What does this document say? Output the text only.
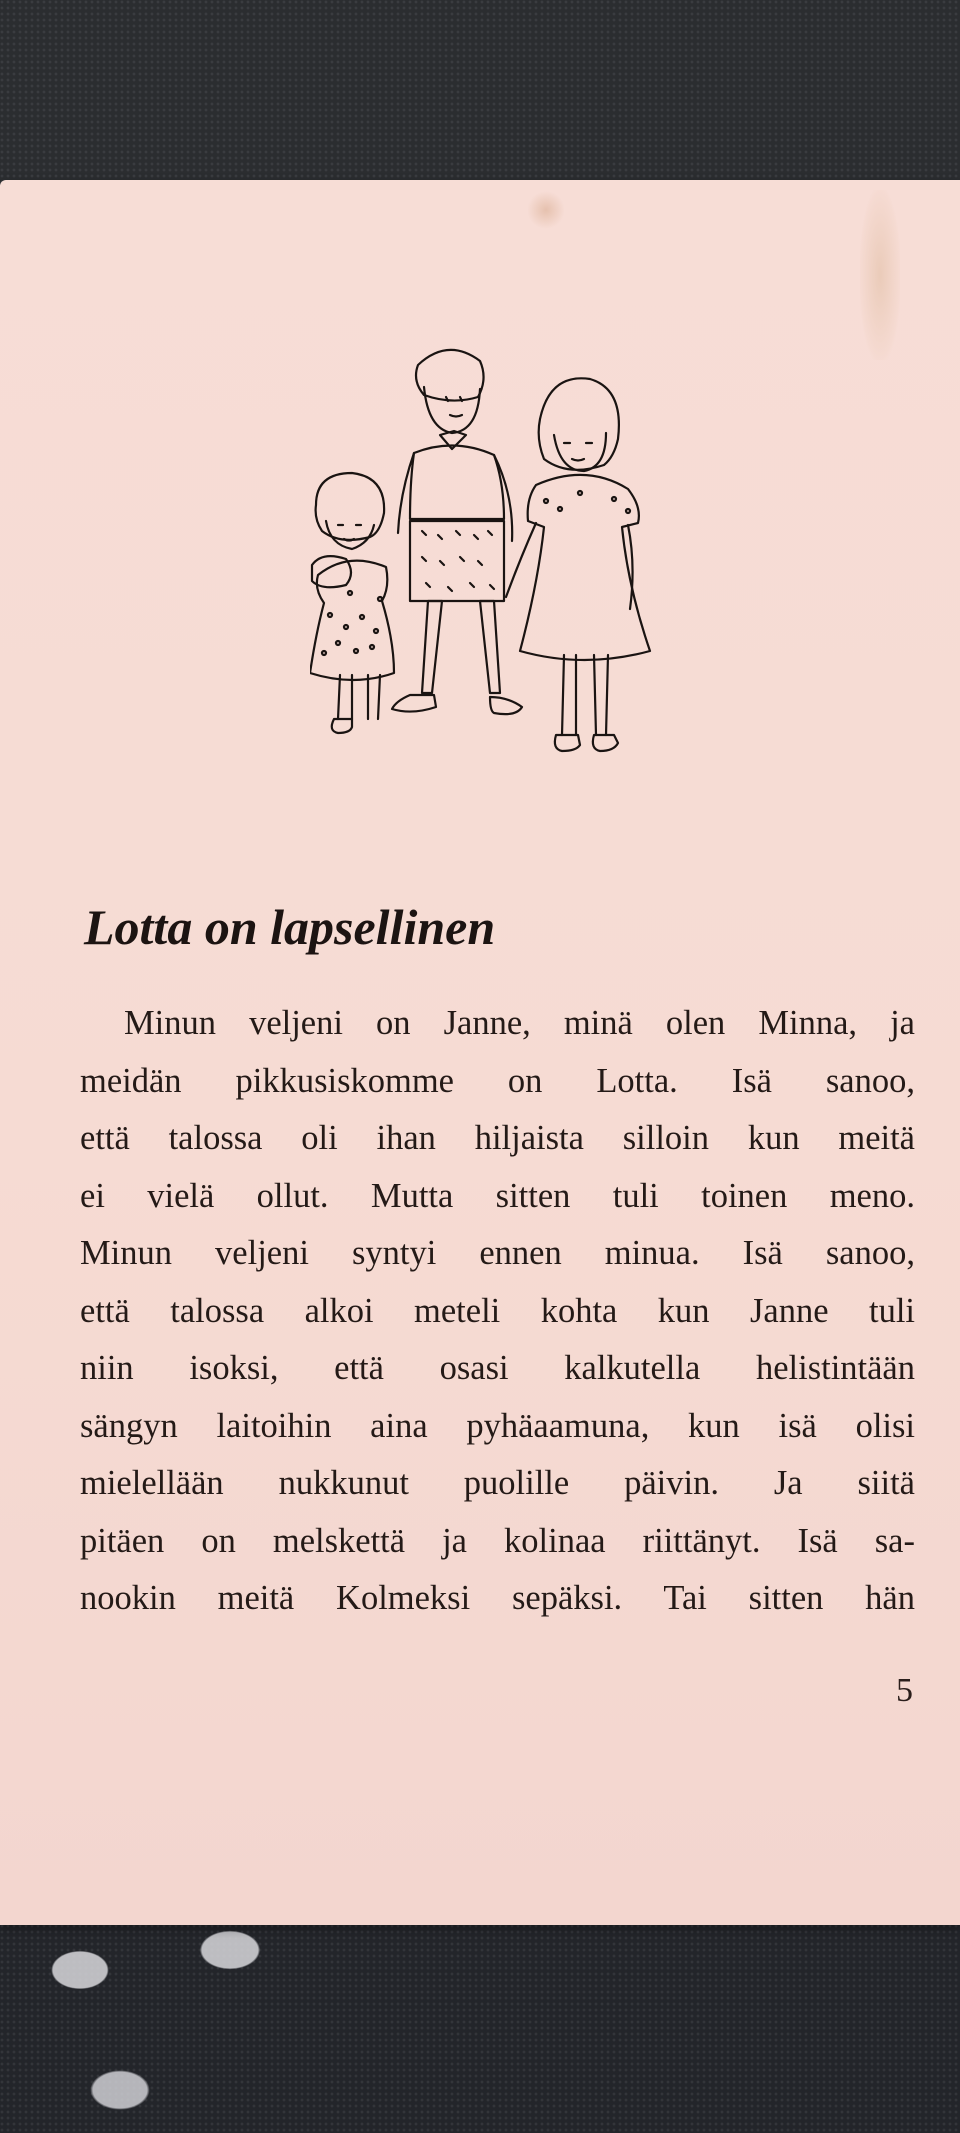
Lotta on lapsellinen
Minun veljeni on Janne, minä olen Minna, ja
meidän pikkusiskomme on Lotta. Isä sanoo,
että talossa oli ihan hiljaista silloin kun meitä
ei vielä ollut. Mutta sitten tuli toinen meno.
Minun veljeni syntyi ennen minua. Isä sanoo,
että talossa alkoi meteli kohta kun Janne tuli
niin isoksi, että osasi kalkutella helistintään
sängyn laitoihin aina pyhäaamuna, kun isä olisi
mielellään nukkunut puolille päivin. Ja siitä
pitäen on melskettä ja kolinaa riittänyt. Isä sa-
nookin meitä Kolmeksi sepäksi. Tai sitten hän
5
